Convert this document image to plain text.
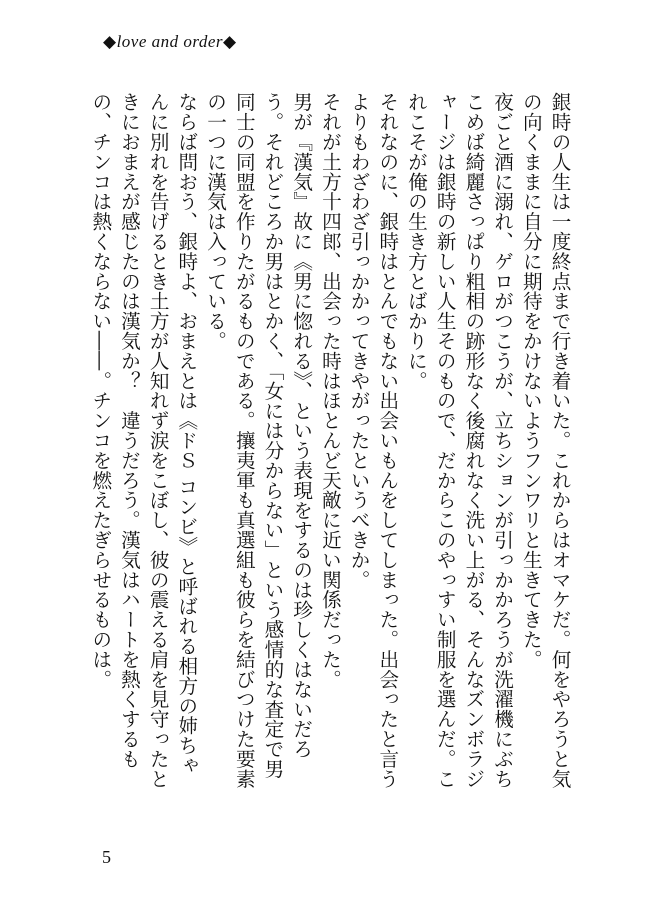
◆love and order◆

銀時の人生は一度終点まで行き着いた。これからはオマケだ。何をやろうと気の向くままに自分に期待をかけないようフンワリと生きてきた。

夜ごと酒に溺れ、ゲロがつこうが、立ちションが引っかかろうが洗濯機にぶちこめば綺麗さっぱり粗相の跡形なく後腐れなく洗い上がる、そんなズンボラジャージは銀時の新しい人生そのもので、だからこのやっすい制服を選んだ。これこそが俺の生き方とばかりに。

それなのに、銀時はとんでもない出会いもんをしてしまった。出会ったと言うよりもわざわざ引っかかってきやがったというべきか。

それが土方十四郎、出会った時はほとんど天敵に近い関係だった。

男が『漢気』故に《男に惚れる》、という表現をするのは珍しくはないだろう。それどころか男はとかく、「女には分からない」という感情的な査定で男同士の同盟を作りたがるものである。攘夷軍も真選組も彼らを結びつけた要素の一つに漢気は入っている。

ならば問おう、銀時よ、おまえとは《ドＳ コンビ》と呼ばれる相方の姉ちゃんに別れを告げるとき土方が人知れず涙をこぼし、彼の震える肩を見守ったときにおまえが感じたのは漢気か？　違うだろう。漢気はハートを熱くするもの、チンコは熱くならない――。チンコを燃えたぎらせるものは。

5
